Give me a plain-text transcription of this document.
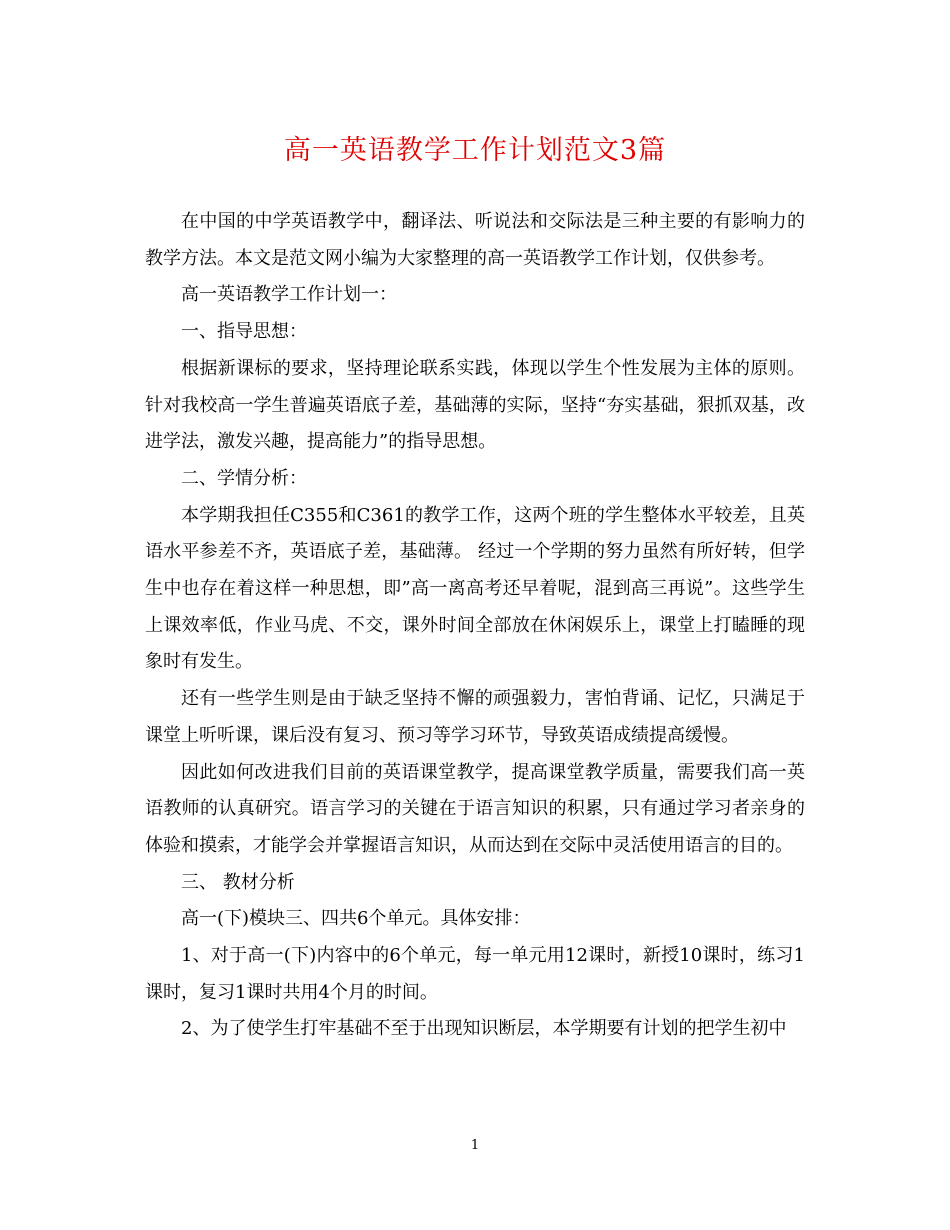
高一英语教学工作计划范文3篇

在中国的中学英语教学中，翻译法、听说法和交际法是三种主要的有影响力的教学方法。本文是范文网小编为大家整理的高一英语教学工作计划，仅供参考。

高一英语教学工作计划一：

一、指导思想：

根据新课标的要求，坚持理论联系实践，体现以学生个性发展为主体的原则。针对我校高一学生普遍英语底子差，基础薄的实际，坚持“夯实基础，狠抓双基，改进学法，激发兴趣，提高能力”的指导思想。

二、学情分析：

本学期我担任C355和C361的教学工作，这两个班的学生整体水平较差，且英语水平参差不齐，英语底子差，基础薄。 经过一个学期的努力虽然有所好转，但学生中也存在着这样一种思想，即”高一离高考还早着呢，混到高三再说”。这些学生上课效率低，作业马虎、不交，课外时间全部放在休闲娱乐上，课堂上打瞌睡的现象时有发生。

还有一些学生则是由于缺乏坚持不懈的顽强毅力，害怕背诵、记忆，只满足于课堂上听听课，课后没有复习、预习等学习环节，导致英语成绩提高缓慢。

因此如何改进我们目前的英语课堂教学，提高课堂教学质量，需要我们高一英语教师的认真研究。语言学习的关键在于语言知识的积累，只有通过学习者亲身的体验和摸索，才能学会并掌握语言知识，从而达到在交际中灵活使用语言的目的。

三、 教材分析

高一(下)模块三、四共6个单元。具体安排：

1、对于高一(下)内容中的6个单元，每一单元用12课时，新授10课时，练习1课时，复习1课时共用4个月的时间。

2、为了使学生打牢基础不至于出现知识断层，本学期要有计划的把学生初中

1
